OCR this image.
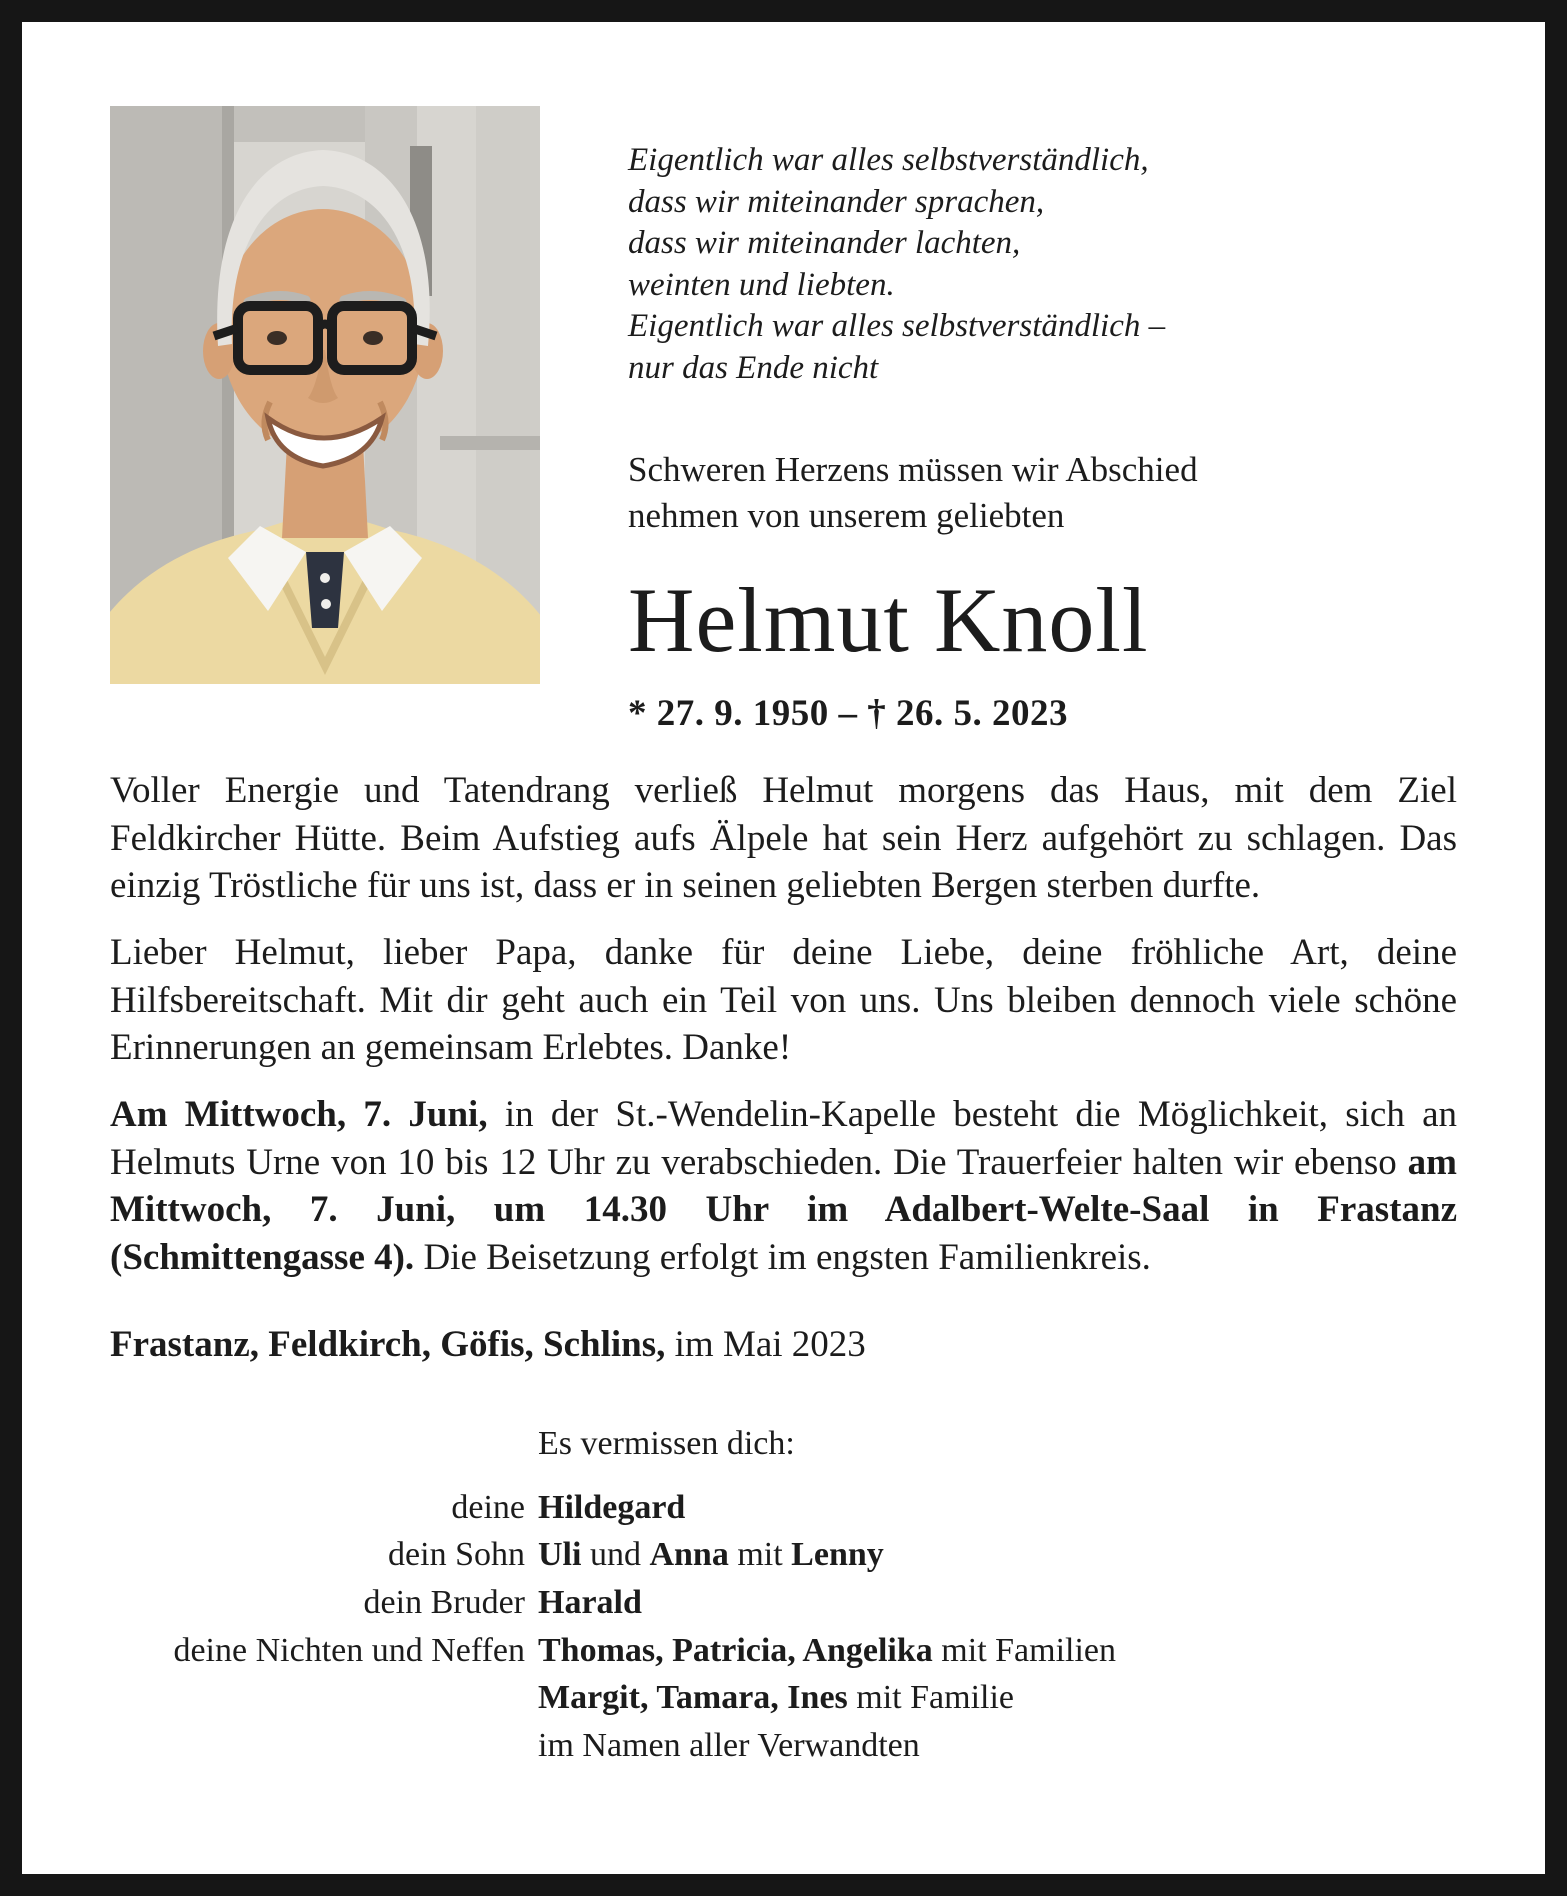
Eigentlich war alles selbstverständlich,
dass wir miteinander sprachen,
dass wir miteinander lachten,
weinten und liebten.
Eigentlich war alles selbstverständlich –
nur das Ende nicht
Schweren Herzens müssen wir Abschied
nehmen von unserem geliebten
Helmut Knoll
* 27. 9. 1950 – † 26. 5. 2023

Voller Energie und Tatendrang verließ Helmut morgens das Haus, mit dem Ziel Feldkircher Hütte. Beim Aufstieg aufs Älpele hat sein Herz aufgehört zu schlagen. Das einzig Tröstliche für uns ist, dass er in seinen geliebten Bergen sterben durfte.

Lieber Helmut, lieber Papa, danke für deine Liebe, deine fröhliche Art, deine Hilfsbereitschaft. Mit dir geht auch ein Teil von uns. Uns bleiben dennoch viele schöne Erinnerungen an gemeinsam Erlebtes. Danke!

Am Mittwoch, 7. Juni, in der St.-Wendelin-Kapelle besteht die Möglichkeit, sich an Helmuts Urne von 10 bis 12 Uhr zu verabschieden. Die Trauerfeier halten wir ebenso am Mittwoch, 7. Juni, um 14.30 Uhr im Adalbert-Welte-Saal in Frastanz (Schmittengasse 4). Die Beisetzung erfolgt im engsten Familienkreis.

Frastanz, Feldkirch, Göfis, Schlins, im Mai 2023
Es vermissen dich:
deine Hildegard
dein Sohn Uli und Anna mit Lenny
dein Bruder Harald
deine Nichten und Neffen Thomas, Patricia, Angelika mit Familien
Margit, Tamara, Ines mit Familie
im Namen aller Verwandten
